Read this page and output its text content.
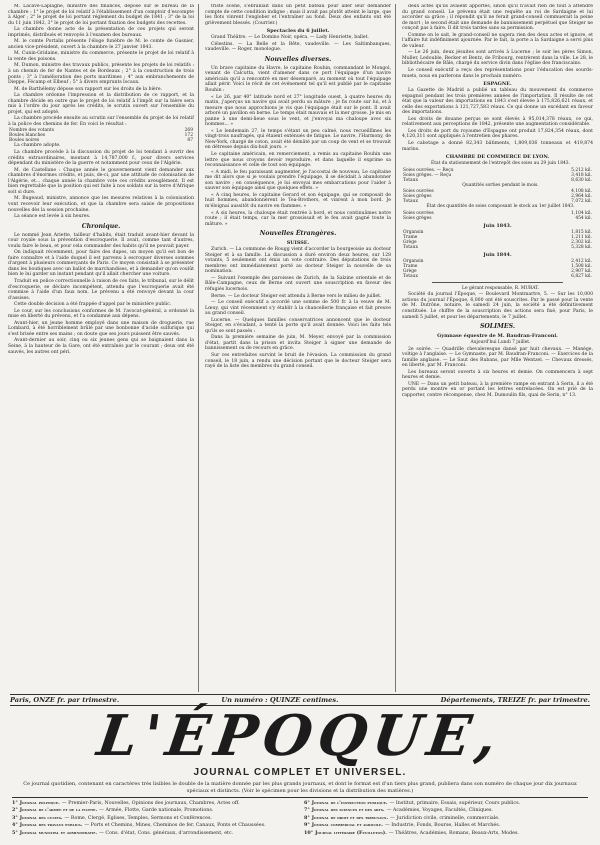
M. Lacave-Laplagne, ministre des finances, dépose sur le bureau de la chambre : 1° le projet de loi relatif à l'établissement d'un comptoir d'escompte à Alger ; 2° le projet de loi portant réglement du budget de 1841 ; 3° de la loi du 11 juin 1842, 3° le projet de loi portant fixation des budgets des recettes.

La chambre donne acte de la présentation de ces projets qui seront imprimés, distribués et renvoyés à l'examen des bureaux.

M. le comte Portalis présente l'éloge funèbre de M. le comte de Gasnier, ancien vice-président, ouvert à la chambre le 27 janvier 1843.

M. Cunin-Gridaine, ministre du commerce, présente le projet de loi relatif à la vente des poisons.

M. Dumon, ministre des travaux publics, présente les projets de loi relatifs : à un chemin de fer de Nantes et de Bordeaux ; 2° à la construction de trois ponts ; 3° à l'amélioration des ports maritimes ; 4° aux embranchements de Dieppe, Fécamp et Elbeuf ; 5° à divers emprunts locaux.

M. de Barthélemy dépose son rapport sur les droits de la bière.

La chambre ordonne l'impression et la distribution de ce rapport, et la chambre décide en outre que le projet de loi relatif à l'impôt sur la bière sera mis à l'ordre du jour après les crédits, le scrutin ouvert sur l'ensemble du projet, qui est adopté.

La chambre procède ensuite au scrutin sur l'ensemble du projet de loi relatif à la police des chemins de fer. En voici le résultat :

Nombre des votants	269
Boules blanches	172
Boules noires	87

La chambre adopte.

La chambre procède à la discussion du projet de loi tendant à ouvrir des crédits extraordinaires, montant à 14,787,000 f., pour divers services dépendant du ministère de la guerre et notamment pour ceux de l'Algérie.

M. de Castellane : Chaque année le gouvernement vient demander aux chambres d'énormes crédits, et puis, de-ci, par une attitude de colonisation de l'Algérie, et... chaque année la chambre vote ces crédits aveuglément. Il est bien regrettable que la position qui est faite à nos soldats sur la terre d'Afrique soit si dure.

M. Bugeaud, ministre, annonce que les mesures relatives à la colonisation vont recevoir leur exécution, et que la chambre sera saisie de propositions nouvelles dès la session prochaine.

La séance est levée à six heures.

Chronique.

Le nommé Jean Ariette, tailleur d'habits, était traduit avant-hier devant la cour royale sous la prévention d'escroquerie. Il avait, comme tant d'autres, voulu faire le beau, et pour cela commander des habits qu'il ne pouvait payer.

On indiquait récemment, pour faire des dupes, un moyen qu'il est bon de faire connaître et à l'aide duquel il est parvenu à escroquer diverses sommes d'argent à plusieurs commerçants de Paris. Ce moyen consistait à se présenter dans les boutiques avec un ballot de marchandises, et à demander qu'on voulût bien le lui garder un instant pendant qu'il allait chercher une voiture.

Traduit en police correctionnelle à raison de ces faits, le tribunal, sur le délit d'escroquerie, se déclare incompétent, attendu que l'escroquerie avait été commise à l'aide d'un faux nom. Le prévenu a été renvoyé devant la cour d'assises.

Cette double décision a été frappée d'appel par le ministère public.

Le cour, sur les conclusions conformes de M. l'avocat-général, a ordonné la mise en liberté du prévenu, et l'a condamné aux dépens.

Avant-hier, un jeune homme employé dans une maison de droguerie, rue Lombard, à été horriblement brûlé par une bonbonne d'acide sulfurique qui s'est brisée entre ses mains ; on doute que ses jours puissent être sauvés.

Avant-dernier au soir, cinq ou six jeunes gens qui se baignaient dans la Seine, à la hauteur de la Gare, ont été entraînés par le courant ; deux ont été sauvés, les autres ont péri.

triste scène, s'ébranlait dans un petit bateau pour aller leur demander compte de cette condition indigne ; mais il avait pas plutôt atteint le large, que les flots vinrent l'englober et l'entraîner au fond. Deux des enfants ont été grièvement blessés. (Courrier.)

Spectacles du 6 juillet.

Grand Théâtre. — Le Domino Noir, opéra. — Lady Henriette, ballet.

Célestins. — La Belle et la Bête, vaudeville. — Les Saltimbanques, vaudeville. — Roger, monologue.

Nouvelles diverses.

Un brave capitaine du Havre, le capitaine Rouhin, commandant le Mongol, venant de Calcutta, vient d'amener dans ce port l'équipage d'un navire américain qu'il a rencontré en mer désemparé, au moment où tout l'équipage allait périr. Voici le récit de cet événement tel qu'il est publié par le capitaine Rouhin :

« Le 26, par 40° latitude nord et 27° longitude ouest, à quatre heures du matin, j'aperçus un navire qui avait perdu sa mâture ; je fis route sur lui, et à mesure que nous approchions je vis que l'équipage était sur le pont. Il avait arboré un pavillon en berne. Le temps était mauvais et la mer grosse. Je mis en panne à une demi-lieue sous le vent, et j'envoyai ma chaloupe avec six hommes... »

« Le lendemain 27, le temps s'étant un peu calmé, nous recueillîmes les vingt-trois naufragés, qui étaient exténués de fatigue. Le navire, l'Harmony, de New-York, chargé de coton, avait été démâté par un coup de vent et se trouvait en détresse depuis dix-huit jours. »

Le capitaine américain, en remerciement, a remis au capitaine Rouhin une lettre que nous croyons devoir reproduire, et dans laquelle il exprime sa reconnaissance et celle de tout son équipage.

« A midi, le feu paraissant augmenter, je l'accostai de nouveau. Le capitaine me dit alors que si je voulais prendre l'équipage, il se décidait à abandonner son navire ; en conséquence, je lui envoyai mes embarcations pour l'aider à sauver son équipage ainsi que quelques effets. »

« A cinq heures, le capitaine Gerard et son équipage, qui se composait de huit hommes, abandonnèrent le Tea-Brothers, et vinrent à mon bord. Je m'éloignai aussitôt du navire en flammes. »

« A six heures, la chaloupe était rentrée à bord, et nous continuâmes notre route ; il était temps, car la mer grossissait et le feu avait gagné toute la mâture. »

Nouvelles Étrangères.
SUISSE.

Zurich. — La commune de Rougg vient d'accorder la bourgeoisie au docteur Steiger et à sa famille. La discussion a duré environ deux heures, sur 128 votants, 5 seulement ont émis un vote contraire. Des députations de trois membres ont immédiatement porté au docteur Steiger la nouvelle de sa nomination.

— Suivant l'exemple des paroisses de Zurich, de la Salzine orientale et de Bâle-Campagne, ceux de Berne ont ouvert une souscription en faveur des réfugiés lucernois.

Berne. — Le docteur Steiger est attendu à Berne vers le milieu de juillet.

— Le conseil exécutif a accordé une somme de 500 fr. à la veuve de M. Lœuy, qui vint récemment s'y établir à la chancellerie française et fait preuve au grand conseil.

Lucerne. — Quelques familles conservatrices annoncent que le docteur Steiger, en s'évadant, a tenté la porte qu'il avait donnée. Voici les faits tels qu'ils se sont passés :

Dans la première semaine de juin, M. Meyer, envoyé par la commission d'état, partit dans la prison et invita Steiger à signer une demande de bannissement ou de recours en grâce.

Sur ces entrefaites survint le bruit de l'évasion. La commission du grand conseil, le 18 juin, a rendu une décision portant que le docteur Steiger sera rayé de la liste des membres du grand conseil.

deux actes qu'ils avaient apportés, sinon qu'il n'avait rien de tout à attendre du grand conseil. Le prévenu était une requête au roi de Sardaigne et lui accorder sa grâce ; il répondit qu'il ne ferait grand-conseil commuerait la peine de mort ; le second était une demande de bannissement perpétuel que Steiger ne conçoit pas à faire. Il dit trois tardes sans sa permission.

Comme on le sait, le grand-conseil ne sagera rien des deux actes et ignore, et l'affaire fut indéfiniment ajournée. Par le fait, la porte a la Sardaigne a servi plus de valeur.

— Le 26 juin, deux jésuites sont arrivés à Lucerne ; le soir les pères Simon, Muller, Ledouble, Becker et Bentz, de Fribourg, rentrèrent dans la ville. Le 28, le bibliothécaire de Bâle, chargé du service divin dans l'église des franciscains.

Le conseil exécutif a reçu des représentations pour l'éducation des sourds-muets, nous en parlerons dans le prochain numéro.

ESPAGNE.

La Gazette de Madrid a publié un tableau du mouvement du commerce espagnol pendant les trois premières années de l'importation. Il résulte de cet état que la valeur des importations en 1843 s'est élevée à 175,826,621 réaux, et celle des exportations à 121,727,583 réaux. Ce qui donne un excédant en faveur des importations.

Les droits de douane perçus se sont élevés à 95,014,378 réaux, ce qui, relativement aux perceptions de 1842, présente une augmentation considérable.

Les droits de port du royaume d'Espagne ont produit 17,824,354 réaux, dont 4,120,311 sont appliqués à l'entretien des phares.

Le cabotage a donné 82,343 bâtiments, 1,809,036 tonneaux et 419,874 marins.

CHAMBRE DE COMMERCE DE LYON.

État du stationnement de l'entrepôt des soies au 29 juin 1843.

Soies ouvrées. — Reçu	5,212 kil.
Soies grèges. — Reçu	3,418 kil.
Totaux	8,630 kil.

Quantités sorties pendant le mois.

Soies ouvrées	4,108 kil.
Soies grèges	2,964 kil.
Totaux	7,072 kil.

État des quantités de soies composant le stock au 1er juillet 1843.

Soies ouvrées	1,104 kil.
Soies grèges	454 kil.
Juin 1843.
Organsin	1,815 kil.
Trame	1,211 kil.
Grège	2,302 kil.
Totaux	5,328 kil.
Juin 1844.
Organsin	2,412 kil.
Trame	1,508 kil.
Grège	2,907 kil.
Totaux	6,827 kil.

Le gérant responsable, R. MURAT.

Société du journal l'Époque, — Boulevard Montmartre, 5. — Sur les 10,000 actions du journal l'Époque, 6,000 ont été souscrites. Par le passé pour la vente de M. Dutrône, notaire, le samedi 24 juin, la société a été définitivement constituée. Le chiffre de la souscription des actions sera fixé, pour Paris, le samedi 5 juillet, et pour les départements, le 7 juillet.

SOLIMES.
Gymnase équestre de M. Baudran-Franconi.

Aujourd'hui Lundi 7 juillet.

2e soirée. — Quadrille chevaleresque dansé par huit chevaux. — Manège, voltige à l'anglaise. — Le Gymnaste, par M. Baudran-Franconi. — Exercices de la famille anglaise. — Le Saut des Rubans, par Mlle Wentzel. — Chevaux dressés, en liberté, par M. Franconi.

Les bureaux seront ouverts à six heures et demie. On commencera à sept heures et demie.

UNE — Dans un petit bateau, à la première rampe en entrant à Serin, il a été perdu une montre en or portant les lettres entrelacées. On est prié de la rapporter, contre récompense, chez M. Dumoulin fils, quai de Serin, n° 13.

Paris, ONZE fr. par trimestre.	Un numéro : QUINZE centimes.	Départements, TREIZE fr. par trimestre.
L'ÉPOQUE,
JOURNAL COMPLET ET UNIVERSEL.
Ce journal quotidien, contenant en caractères très lisibles le double de la matière donnée par les plus grands journaux, et dont le format est d'un tiers plus grand, publiera dans son numéro de chaque jour dix journaux spéciaux et distincts. (Voir le spécimen pour les divisions et la distribution des matières.)
1° Journal politique. — Premier-Paris, Nouvelles, Opinions des journaux, Chambres, Actes off.
2° Journal de l'armée et de la flotte. — Armée, Flotte, Garde nationale, Promotions.
3° Journal des cultes. — Rome, Clergé, Églises, Temples, Sermons et Conférences.
4° Journal des travaux publics. — Ports et Chemins, Mines, Cheminos de fer, Canaux, Ponts et Chaussées.
5° Journal municipal et administratif. — Cons. d'état, Cons. généraux, d'arrondissement, etc.
6° Journal de l'instruction publique. — Institut, primaire, Essais, supérieur, Cours publics.
7° Journal des sciences et des arts. — Académies, Voyages, Facultés, Cliniques.
8° Journal de droit et des tribunaux. — Juridiction civile, criminelle, commerciale.
9° Journal commercial et agricole. — Industrie, Fonds, Bourse, Halles et Marchés.
10° Journal littéraire (Feuilleton). — Théâtres, Académies, Romans, Beaux-Arts, Modes.
